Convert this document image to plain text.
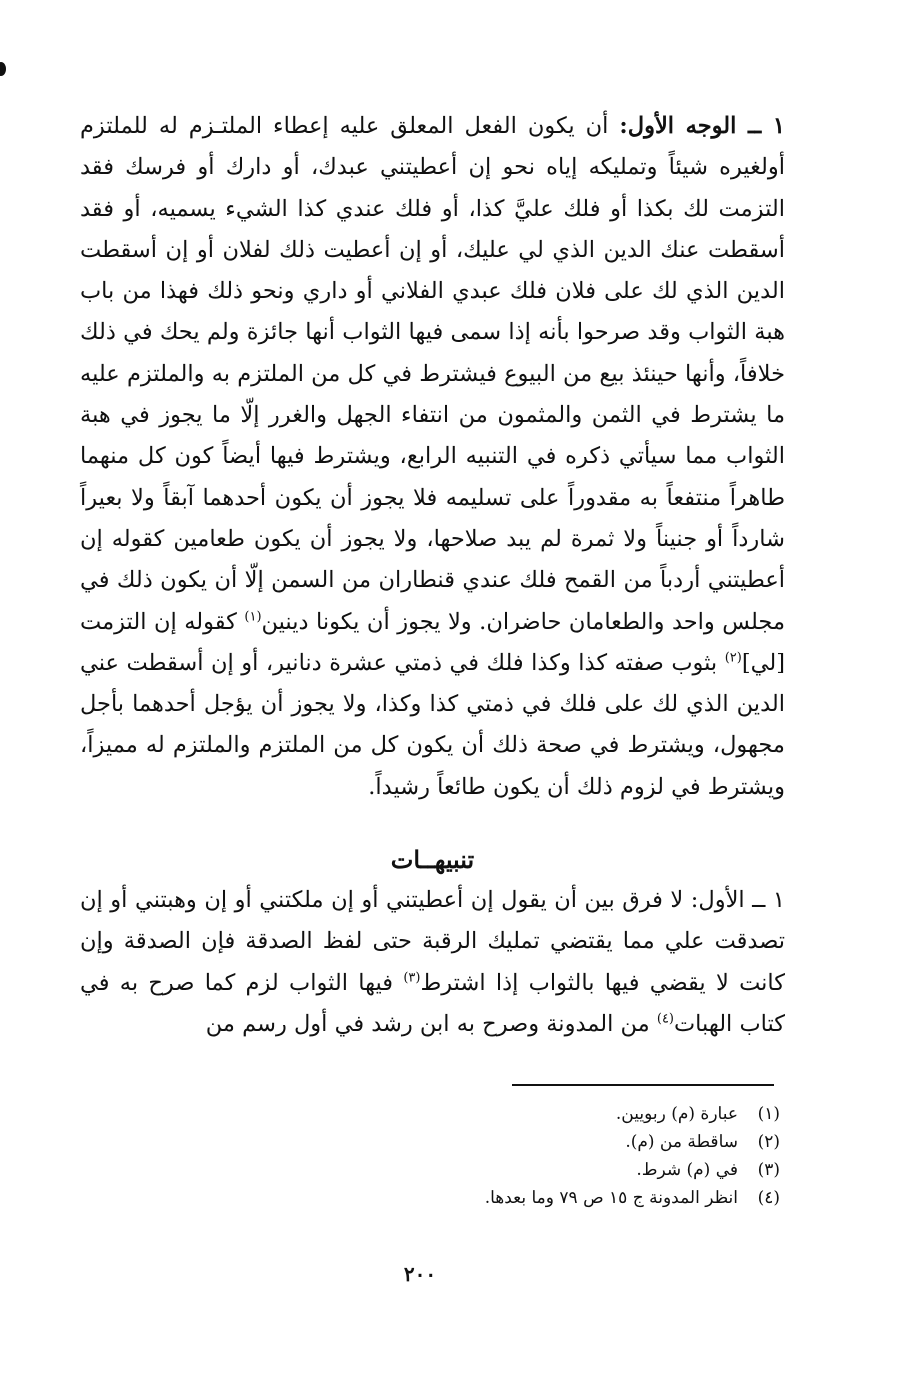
١ ــ الوجه الأول: أن يكون الفعل المعلق عليه إعطاء الملتـزم له للملتزم أولغيره شيئاً وتمليكه إياه نحو إن أعطيتني عبدك، أو دارك أو فرسك فقد التزمت لك بكذا أو فلك عليَّ كذا، أو فلك عندي كذا الشيء يسميه، أو فقد أسقطت عنك الدين الذي لي عليك، أو إن أعطيت ذلك لفلان أو إن أسقطت الدين الذي لك على فلان فلك عبدي الفلاني أو داري ونحو ذلك فهذا من باب هبة الثواب وقد صرحوا بأنه إذا سمى فيها الثواب أنها جائزة ولم يحك في ذلك خلافاً، وأنها حينئذ بيع من البيوع فيشترط في كل من الملتزم به والملتزم عليه ما يشترط في الثمن والمثمون من انتفاء الجهل والغرر إلّا ما يجوز في هبة الثواب مما سيأتي ذكره في التنبيه الرابع، ويشترط فيها أيضاً كون كل منهما طاهراً منتفعاً به مقدوراً على تسليمه فلا يجوز أن يكون أحدهما آبقاً ولا بعيراً شارداً أو جنيناً ولا ثمرة لم يبد صلاحها، ولا يجوز أن يكون طعامين كقوله إن أعطيتني أردباً من القمح فلك عندي قنطاران من السمن إلّا أن يكون ذلك في مجلس واحد والطعامان حاضران. ولا يجوز أن يكونا دينين$^{(١)}$ كقوله إن التزمت [لي]$^{(٢)}$ بثوب صفته كذا وكذا فلك في ذمتي عشرة دنانير، أو إن أسقطت عني الدين الذي لك على فلك في ذمتي كذا وكذا، ولا يجوز أن يؤجل أحدهما بأجل مجهول، ويشترط في صحة ذلك أن يكون كل من الملتزم والملتزم له مميزاً، ويشترط في لزوم ذلك أن يكون طائعاً رشيداً.

تنبيهــات

١ ــ الأول: لا فرق بين أن يقول إن أعطيتني أو إن ملكتني أو إن وهبتني أو إن تصدقت علي مما يقتضي تمليك الرقبة حتى لفظ الصدقة فإن الصدقة وإن كانت لا يقضي فيها بالثواب إذا اشترط$^{(٣)}$ فيها الثواب لزم كما صرح به في كتاب الهبات$^{(٤)}$ من المدونة وصرح به ابن رشد في أول رسم من

(١)
عبارة (م) ربويين.
(٢)
ساقطة من (م).
(٣)
في (م) شرط.
(٤)
انظر المدونة ج ١٥ ص ٧٩ وما بعدها.
٢٠٠
